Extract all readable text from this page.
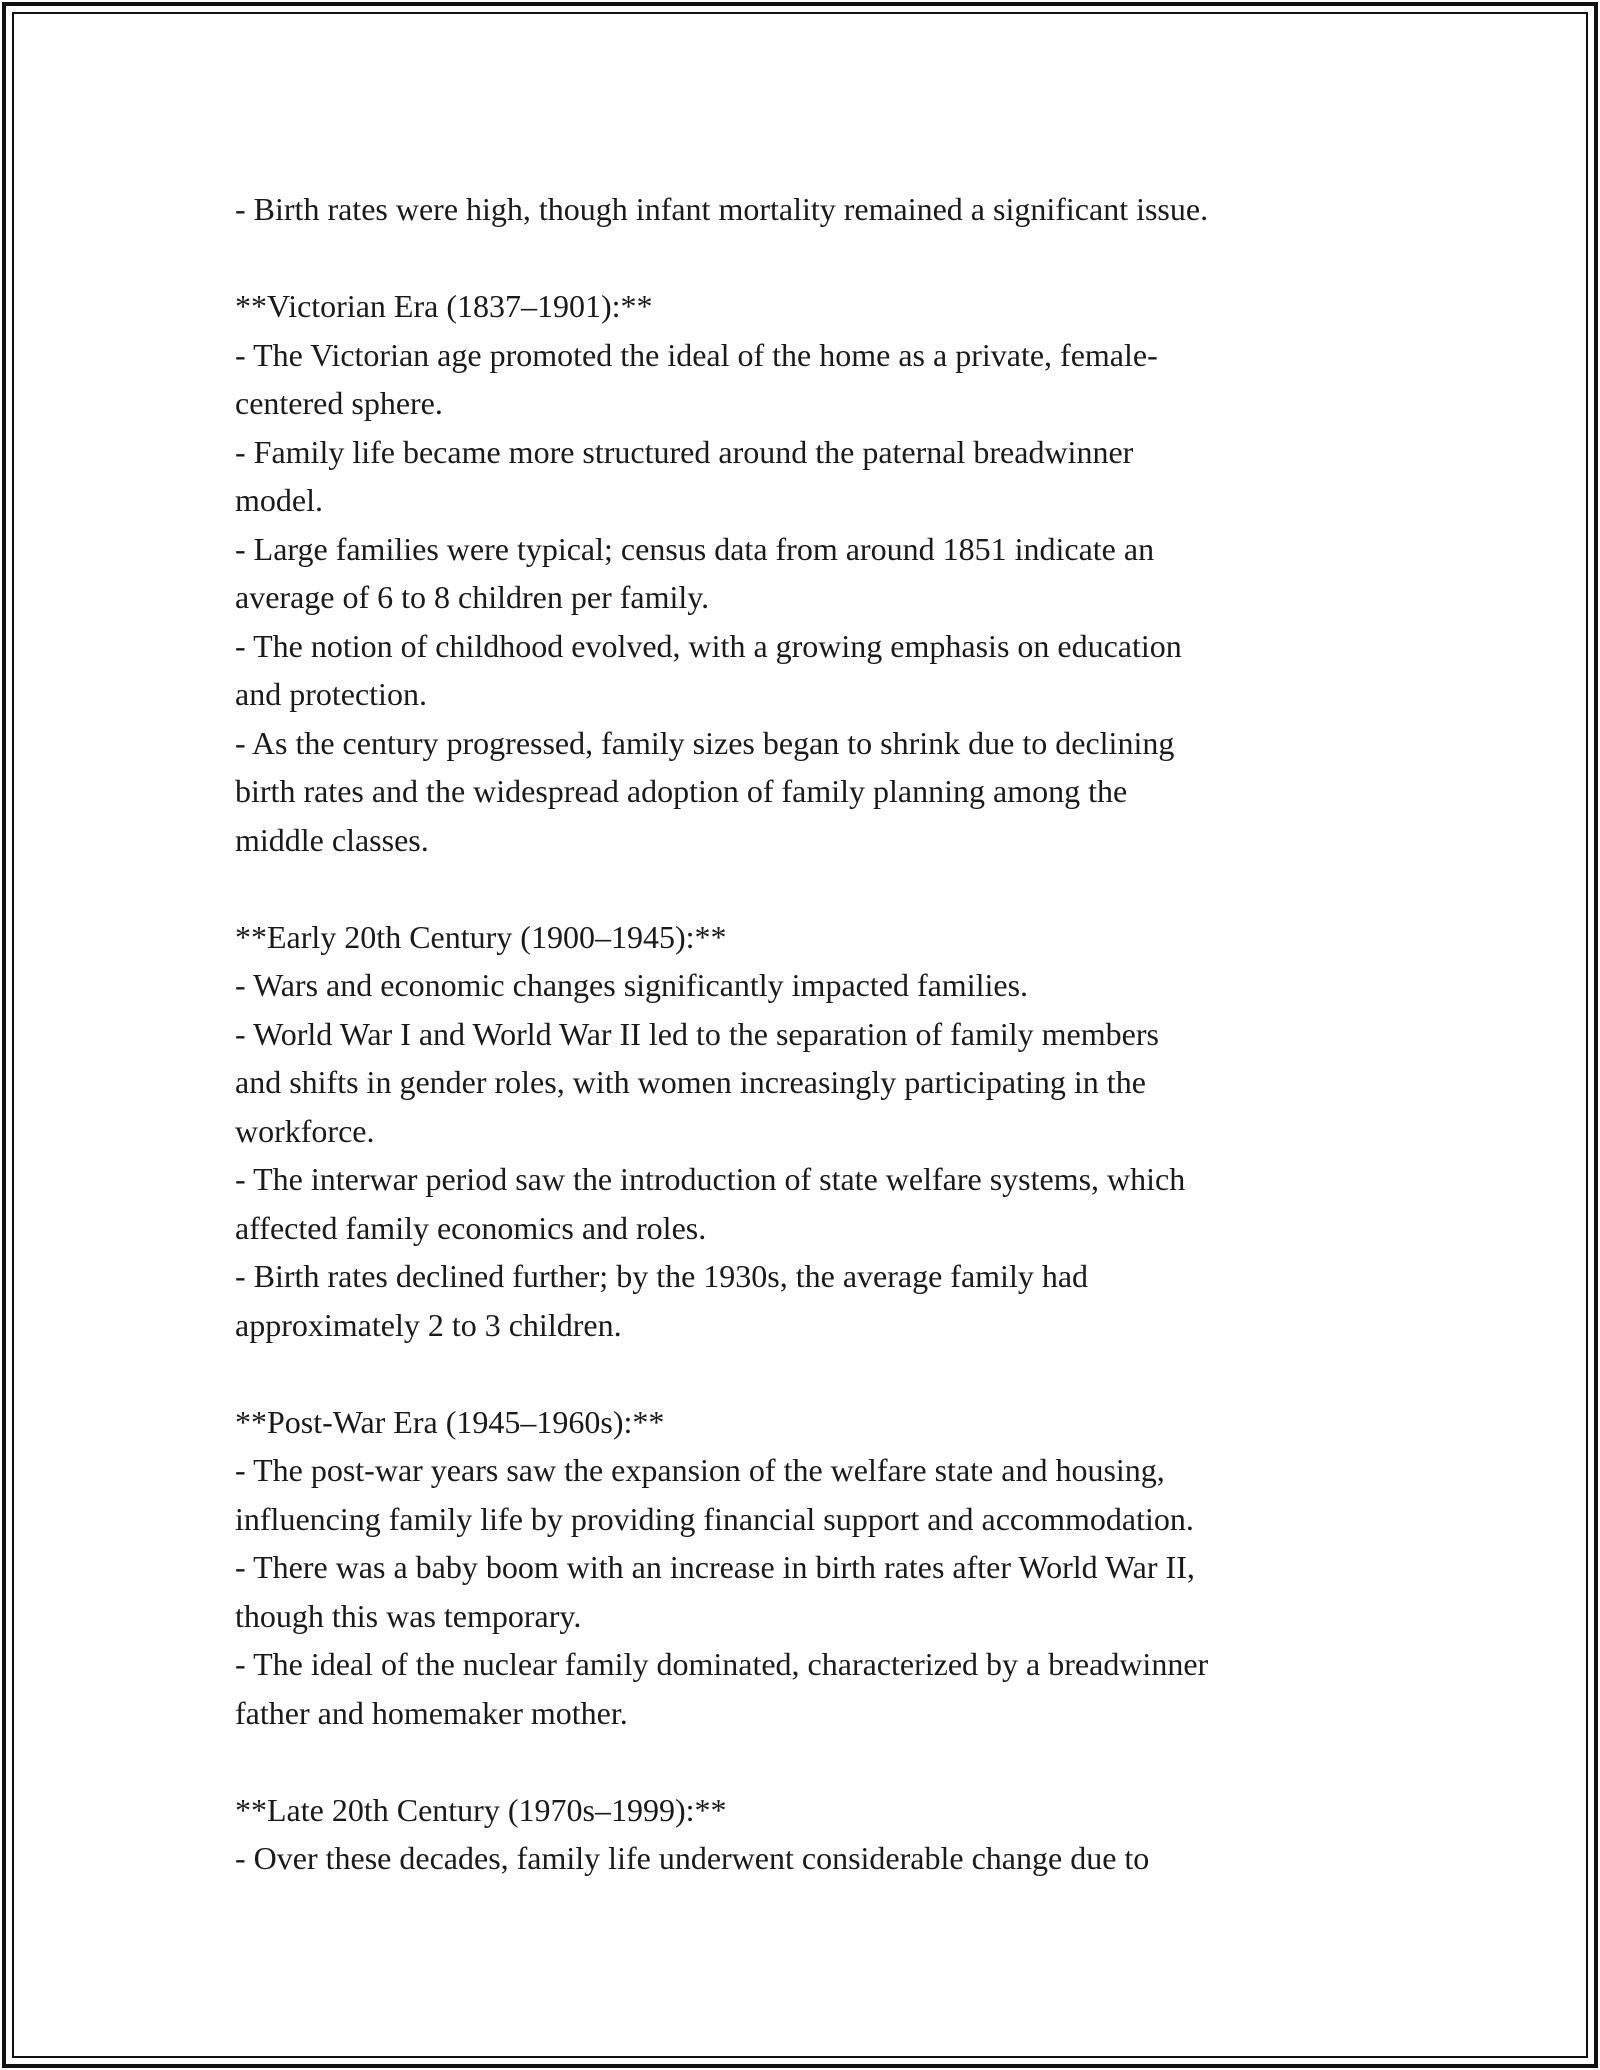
- Birth rates were high, though infant mortality remained a significant issue.
**Victorian Era (1837–1901):**
- The Victorian age promoted the ideal of the home as a private, female-
centered sphere.
- Family life became more structured around the paternal breadwinner
model.
- Large families were typical; census data from around 1851 indicate an
average of 6 to 8 children per family.
- The notion of childhood evolved, with a growing emphasis on education
and protection.
- As the century progressed, family sizes began to shrink due to declining
birth rates and the widespread adoption of family planning among the
middle classes.
**Early 20th Century (1900–1945):**
- Wars and economic changes significantly impacted families.
- World War I and World War II led to the separation of family members
and shifts in gender roles, with women increasingly participating in the
workforce.
- The interwar period saw the introduction of state welfare systems, which
affected family economics and roles.
- Birth rates declined further; by the 1930s, the average family had
approximately 2 to 3 children.
**Post-War Era (1945–1960s):**
- The post-war years saw the expansion of the welfare state and housing,
influencing family life by providing financial support and accommodation.
- There was a baby boom with an increase in birth rates after World War II,
though this was temporary.
- The ideal of the nuclear family dominated, characterized by a breadwinner
father and homemaker mother.
**Late 20th Century (1970s–1999):**
- Over these decades, family life underwent considerable change due to
